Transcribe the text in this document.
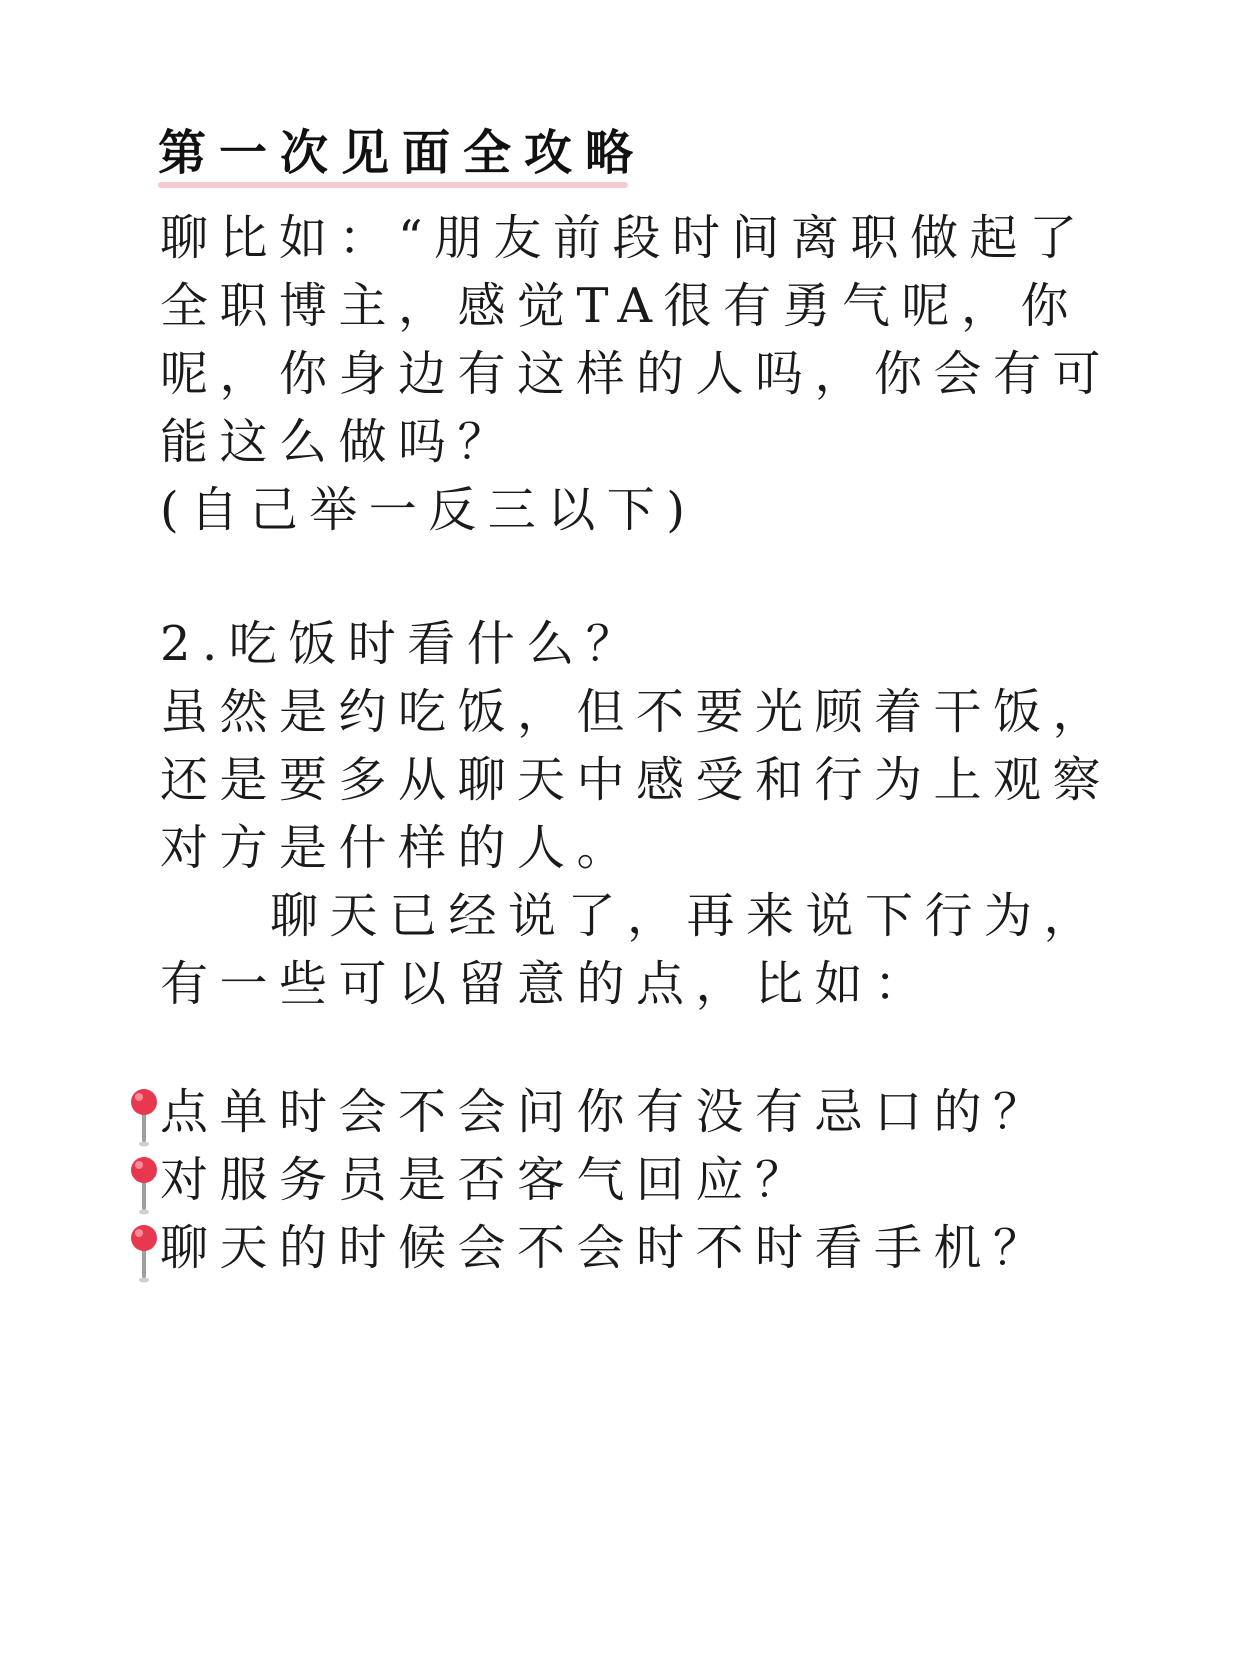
第一次见面全攻略
聊比如：“朋友前段时间离职做起了
全职博主，感觉TA很有勇气呢，你
呢，你身边有这样的人吗，你会有可
能这么做吗？
(自己举一反三以下)
2.吃饭时看什么？
虽然是约吃饭，但不要光顾着干饭，
还是要多从聊天中感受和行为上观察
对方是什样的人。
聊天已经说了，再来说下行为，
有一些可以留意的点，比如：
点单时会不会问你有没有忌口的？
对服务员是否客气回应？
聊天的时候会不会时不时看手机？
